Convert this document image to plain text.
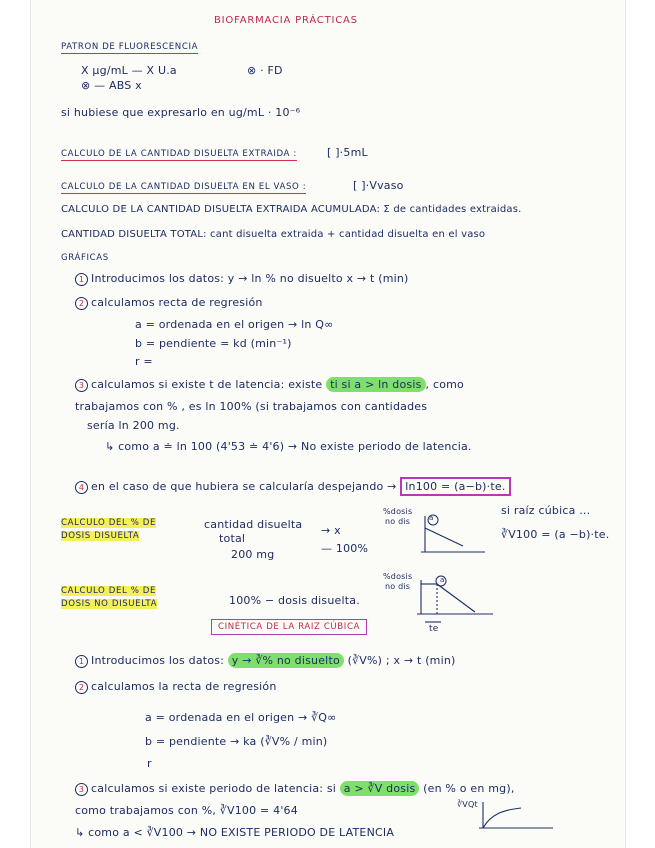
BIOFARMACIA PRÁCTICAS
PATRON DE FLUORESCENCIA
X μg/mL — X U.a	⊗ · FD
⊗ — ABS x
si hubiese que expresarlo en ug/mL · 10⁻⁶
CALCULO DE LA CANTIDAD DISUELTA EXTRAIDA :	[ ]·5mL
CALCULO DE LA CANTIDAD DISUELTA EN EL VASO :	[ ]·Vvaso
CALCULO DE LA CANTIDAD DISUELTA EXTRAIDA ACUMULADA: Σ de cantidades extraidas.
CANTIDAD DISUELTA TOTAL: cant disuelta extraida + cantidad disuelta en el vaso
GRÁFICAS
1 Introducimos los datos: y → ln % no disuelto x → t (min)
2 calculamos recta de regresión
a = ordenada en el origen → ln Q∞
b = pendiente = kd (min⁻¹)
r =
3 calculamos si existe t de latencia: existe ti si a > ln dosis , como
trabajamos con % , es ln 100% (si trabajamos con cantidades
sería ln 200 mg.
↳ como a ≐ ln 100 (4'53 ≐ 4'6) → No existe periodo de latencia.
4 en el caso de que hubiera se calcularía despejando → ln100 = (a−b)·te.
CALCULO DEL % DE
DOSIS DISUELTA
cantidad disuelta
total
200 mg
→ x
— 100%
%dosis
no dis	a
si raíz cúbica ...
∛V100 = (a −b)·te.
CALCULO DEL % DE
DOSIS NO DISUELTA	100% − dosis disuelta.
%dosis
no dis
a
te
CINÉTICA DE LA RAIZ CÚBICA
1 Introducimos los datos: y → ∛% no disuelto (∛V%) ; x → t (min)
2 calculamos la recta de regresión
a = ordenada en el origen → ∛Q∞
b = pendiente → ka (∛V% / min)
r
3 calculamos si existe periodo de latencia: si a > ∛V dosis (en % o en mg),
como trabajamos con %, ∛V100 = 4'64
↳ como a < ∛V100 → NO EXISTE PERIODO DE LATENCIA
∛VQt
